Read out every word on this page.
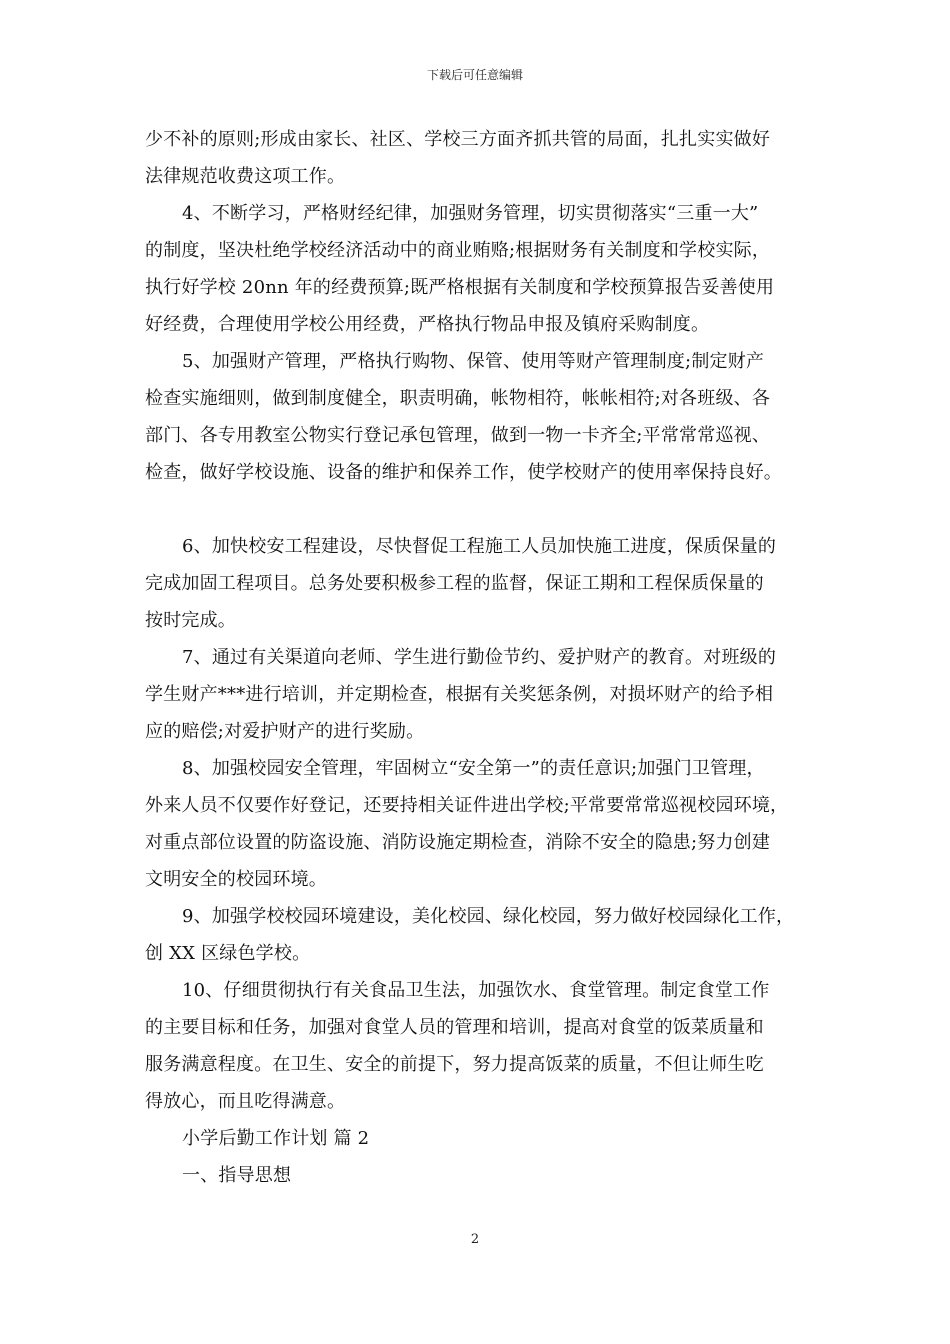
下载后可任意编辑
少不补的原则;形成由家长、社区、学校三方面齐抓共管的局面，扎扎实实做好
法律规范收费这项工作。
4、不断学习，严格财经纪律，加强财务管理，切实贯彻落实“三重一大”
的制度，坚决杜绝学校经济活动中的商业贿赂;根据财务有关制度和学校实际，
执行好学校 20nn 年的经费预算;既严格根据有关制度和学校预算报告妥善使用
好经费，合理使用学校公用经费，严格执行物品申报及镇府采购制度。
5、加强财产管理，严格执行购物、保管、使用等财产管理制度;制定财产
检查实施细则，做到制度健全，职责明确，帐物相符，帐帐相符;对各班级、各
部门、各专用教室公物实行登记承包管理，做到一物一卡齐全;平常常常巡视、
检查，做好学校设施、设备的维护和保养工作，使学校财产的使用率保持良好。
6、加快校安工程建设，尽快督促工程施工人员加快施工进度，保质保量的
完成加固工程项目。总务处要积极参工程的监督，保证工期和工程保质保量的
按时完成。
7、通过有关渠道向老师、学生进行勤俭节约、爱护财产的教育。对班级的
学生财产***进行培训，并定期检查，根据有关奖惩条例，对损坏财产的给予相
应的赔偿;对爱护财产的进行奖励。
8、加强校园安全管理，牢固树立“安全第一”的责任意识;加强门卫管理，
外来人员不仅要作好登记，还要持相关证件进出学校;平常要常常巡视校园环境，
对重点部位设置的防盗设施、消防设施定期检查，消除不安全的隐患;努力创建
文明安全的校园环境。
9、加强学校校园环境建设，美化校园、绿化校园，努力做好校园绿化工作，
创 XX 区绿色学校。
10、仔细贯彻执行有关食品卫生法，加强饮水、食堂管理。制定食堂工作
的主要目标和任务，加强对食堂人员的管理和培训，提高对食堂的饭菜质量和
服务满意程度。在卫生、安全的前提下，努力提高饭菜的质量，不但让师生吃
得放心，而且吃得满意。
小学后勤工作计划 篇 2
一、指导思想
2
